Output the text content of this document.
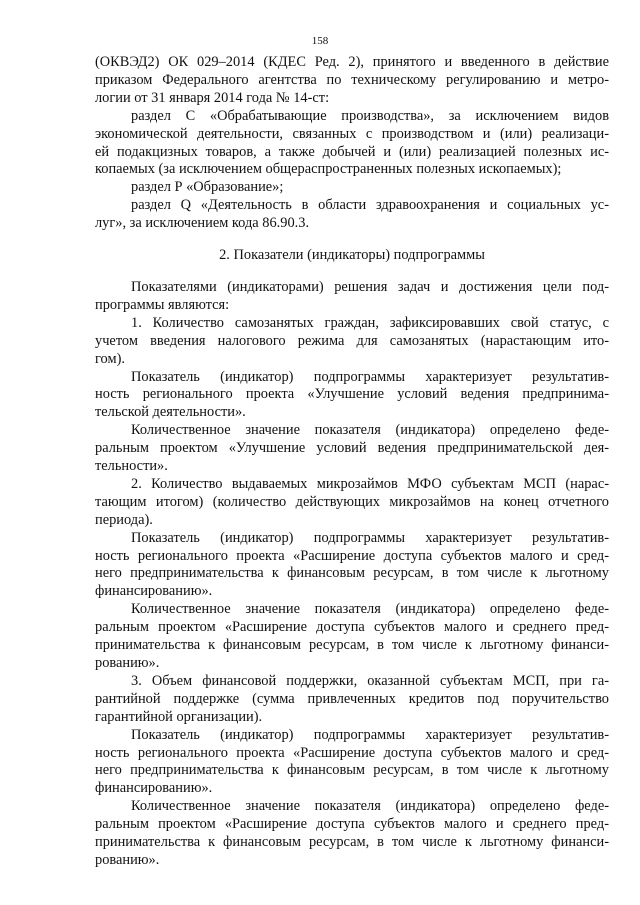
158

(ОКВЭД2) ОК 029–2014 (КДЕС Ред. 2), принятого и введенного в действие
приказом Федерального агентства по техническому регулированию и метро-
логии от 31 января 2014 года № 14-ст:

раздел С «Обрабатывающие производства», за исключением видов
экономической деятельности, связанных с производством и (или) реализаци-
ей подакцизных товаров, а также добычей и (или) реализацией полезных ис-
копаемых (за исключением общераспространенных полезных ископаемых);

раздел Р «Образование»;

раздел Q «Деятельность в области здравоохранения и социальных ус-
луг», за исключением кода 86.90.3.

2. Показатели (индикаторы) подпрограммы

Показателями (индикаторами) решения задач и достижения цели под-
программы являются:

1. Количество самозанятых граждан, зафиксировавших свой статус, с
учетом введения налогового режима для самозанятых (нарастающим ито-
гом).

Показатель (индикатор) подпрограммы характеризует результатив-
ность регионального проекта «Улучшение условий ведения предпринима-
тельской деятельности».

Количественное значение показателя (индикатора) определено феде-
ральным проектом «Улучшение условий ведения предпринимательской дея-
тельности».

2. Количество выдаваемых микрозаймов МФО субъектам МСП (нарас-
тающим итогом) (количество действующих микрозаймов на конец отчетного
периода).

Показатель (индикатор) подпрограммы характеризует результатив-
ность регионального проекта «Расширение доступа субъектов малого и сред-
него предпринимательства к финансовым ресурсам, в том числе к льготному
финансированию».

Количественное значение показателя (индикатора) определено феде-
ральным проектом «Расширение доступа субъектов малого и среднего пред-
принимательства к финансовым ресурсам, в том числе к льготному финанси-
рованию».

3. Объем финансовой поддержки, оказанной субъектам МСП, при га-
рантийной поддержке (сумма привлеченных кредитов под поручительство
гарантийной организации).

Показатель (индикатор) подпрограммы характеризует результатив-
ность регионального проекта «Расширение доступа субъектов малого и сред-
него предпринимательства к финансовым ресурсам, в том числе к льготному
финансированию».

Количественное значение показателя (индикатора) определено феде-
ральным проектом «Расширение доступа субъектов малого и среднего пред-
принимательства к финансовым ресурсам, в том числе к льготному финанси-
рованию».
